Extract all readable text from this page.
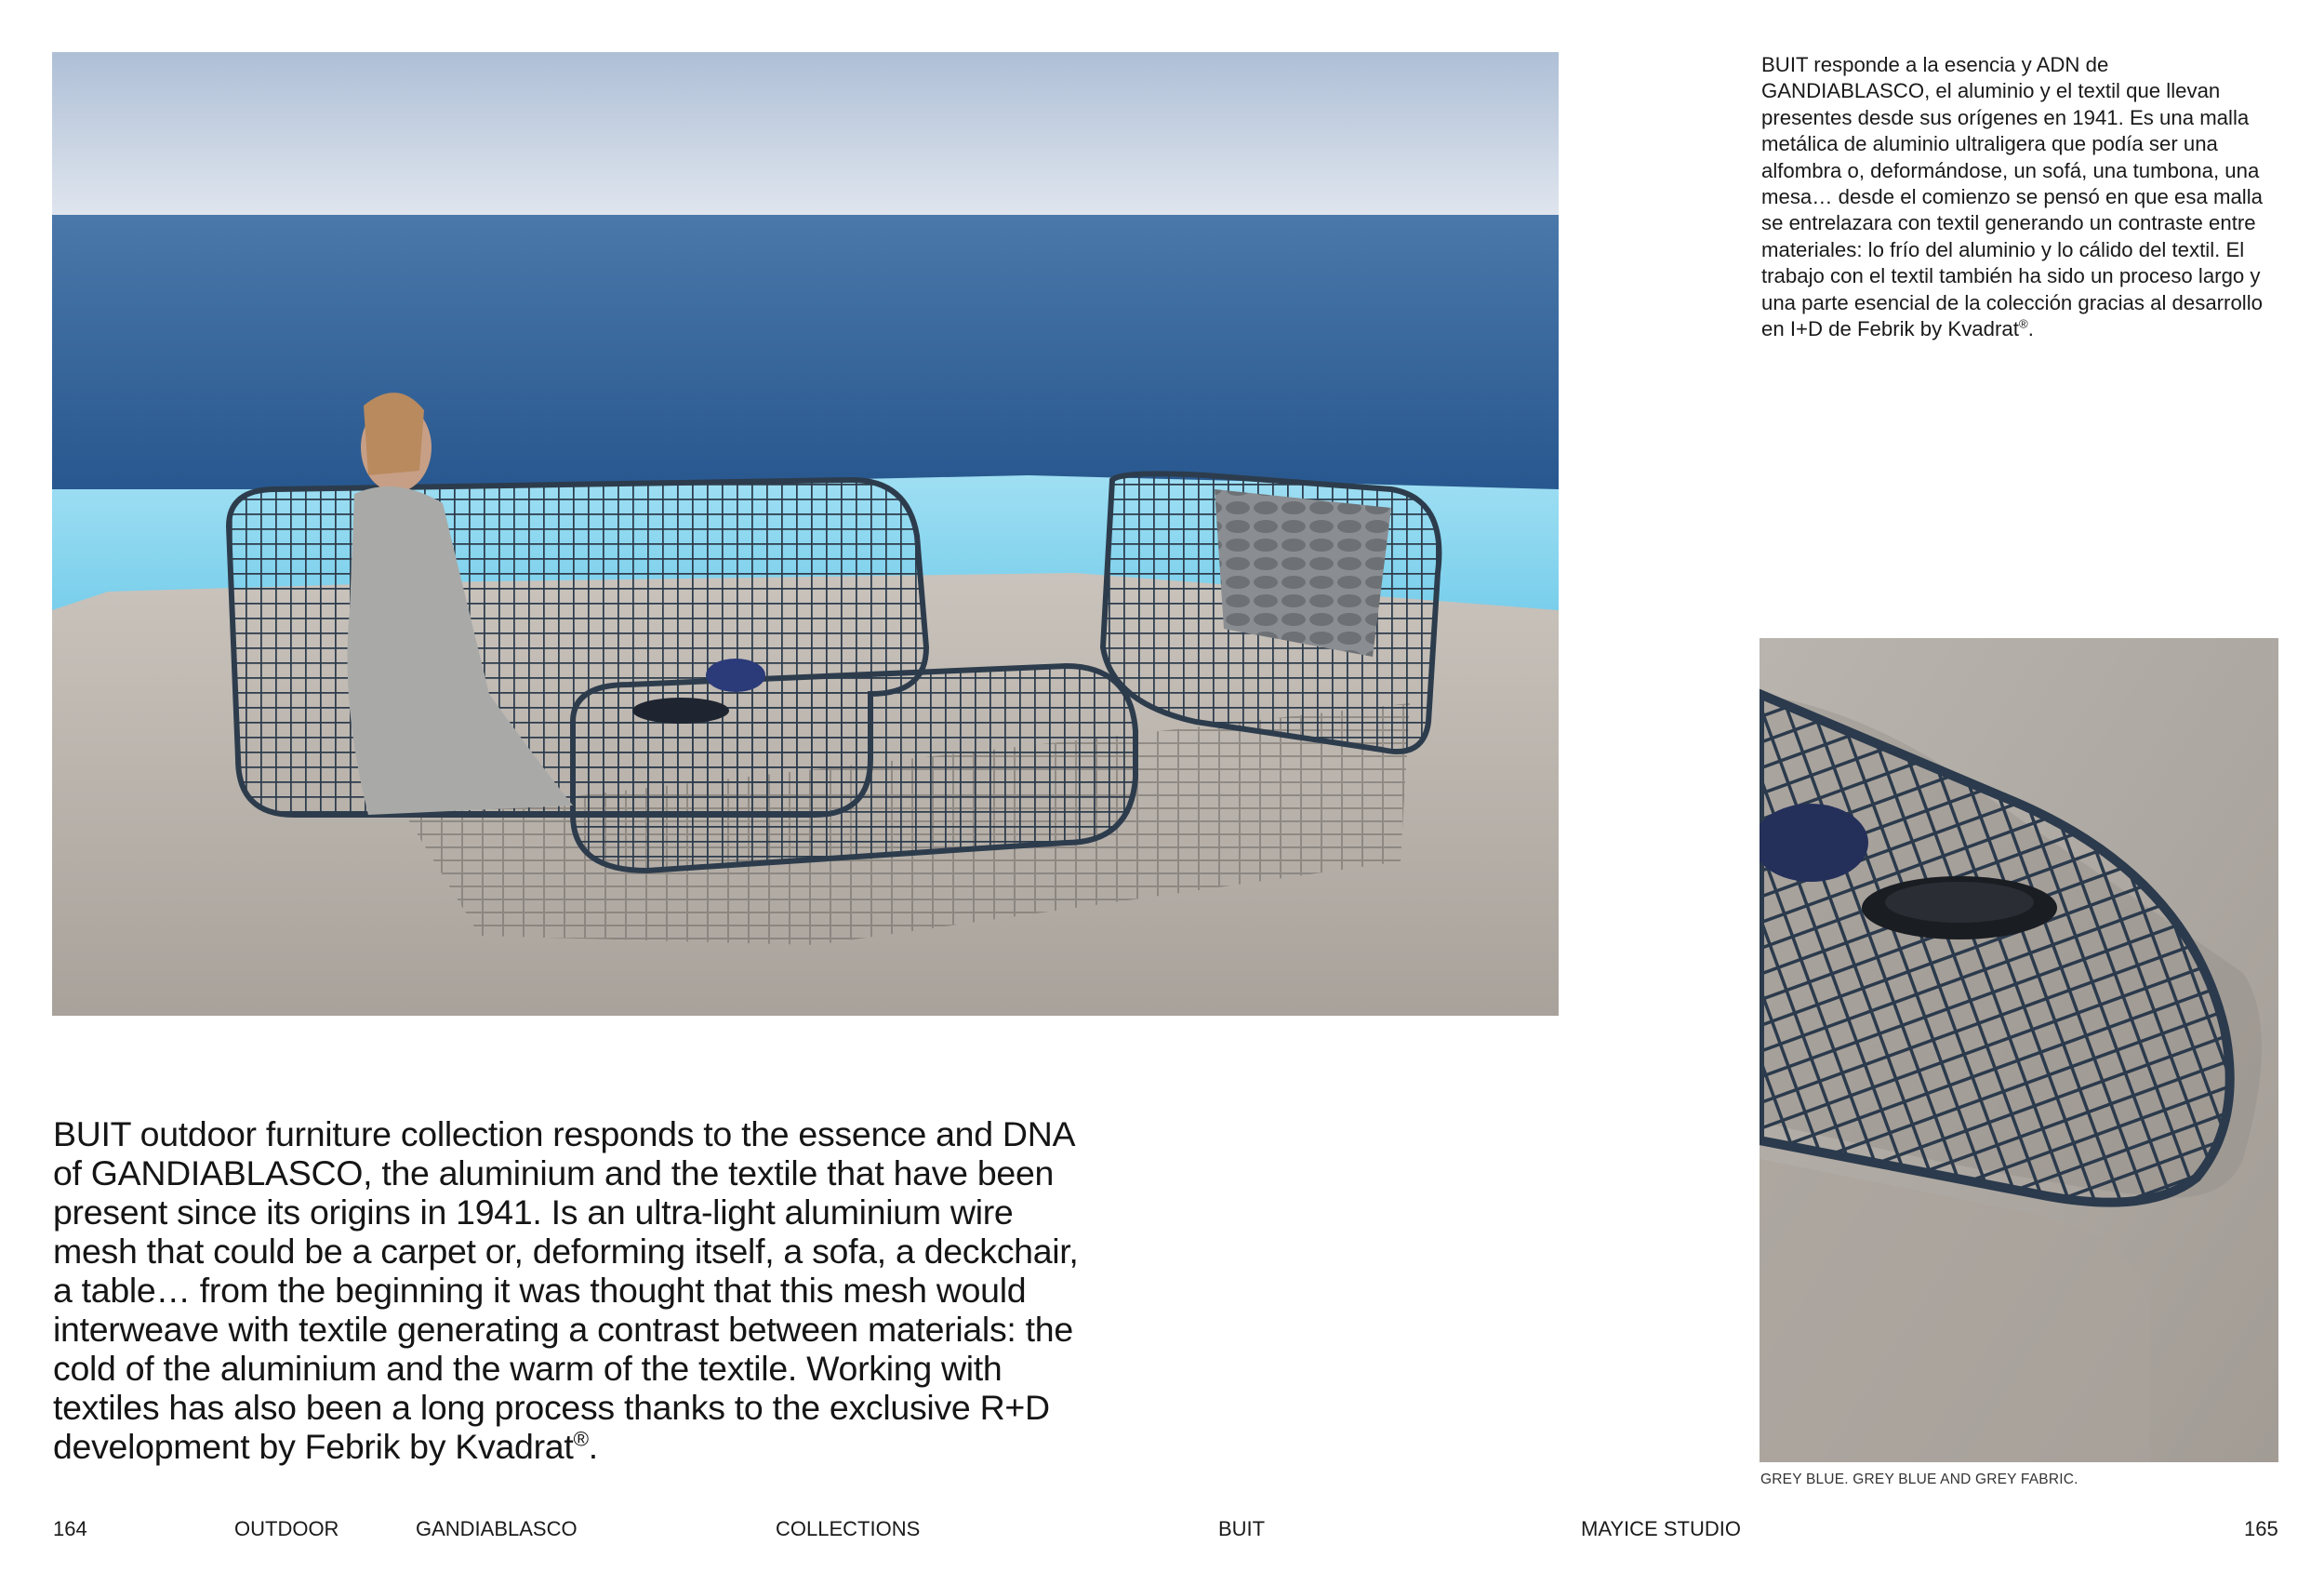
BUIT responde a la esencia y ADN de GANDIABLASCO, el aluminio y el textil que llevan presentes desde sus orígenes en 1941. Es una malla metálica de aluminio ultraligera que podía ser una alfombra o, deformándose, un sofá, una tumbona, una mesa… desde el comienzo se pensó en que esa malla se entrelazara con textil generando un contraste entre materiales: lo frío del aluminio y lo cálido del textil. El trabajo con el textil también ha sido un proceso largo y una parte esencial de la colección gracias al desarrollo en I+D de Febrik by Kvadrat®.

BUIT outdoor furniture collection responds to the essence and DNA of GANDIABLASCO, the aluminium and the textile that have been present since its origins in 1941. Is an ultra-light aluminium wire mesh that could be a carpet or, deforming itself, a sofa, a deckchair, a table… from the beginning it was thought that this mesh would interweave with textile generating a contrast between materials: the cold of the aluminium and the warm of the textile. Working with textiles has also been a long process thanks to the exclusive R+D development by Febrik by Kvadrat®.

GREY BLUE. GREY BLUE AND GREY FABRIC.
164	OUTDOOR	GANDIABLASCO	COLLECTIONS	BUIT	MAYICE STUDIO	165
